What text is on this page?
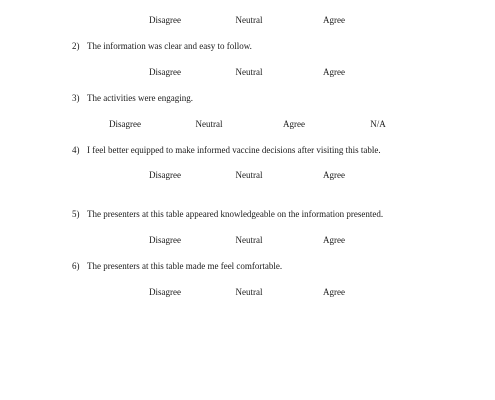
Disagree	Neutral	Agree
2) The information was clear and easy to follow.
Disagree	Neutral	Agree
3) The activities were engaging.
Disagree	Neutral	Agree	N/A
4) I feel better equipped to make informed vaccine decisions after visiting this table.
Disagree	Neutral	Agree
5) The presenters at this table appeared knowledgeable on the information presented.
Disagree	Neutral	Agree
6) The presenters at this table made me feel comfortable.
Disagree	Neutral	Agree
